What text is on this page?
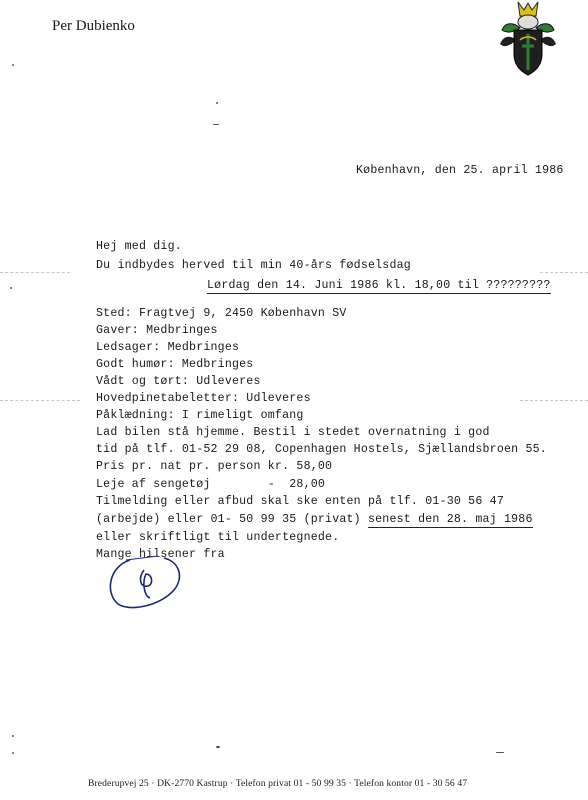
Per Dubienko
København, den 25. april 1986
Hej med dig.
Du indbydes herved til min 40-års fødselsdag
Lørdag den 14. Juni 1986 kl. 18,00 til ?????????
Sted: Fragtvej 9, 2450 København SV
Gaver: Medbringes
Ledsager: Medbringes
Godt humør: Medbringes
Vådt og tørt: Udleveres
Hovedpinetabeletter: Udleveres
Påklædning: I rimeligt omfang
Lad bilen stå hjemme. Bestil i stedet overnatning i god
tid på tlf. 01-52 29 08, Copenhagen Hostels, Sjællandsbroen 55.
Pris pr. nat pr. person kr. 58,00
Leje af sengetøj        -  28,00
Tilmelding eller afbud skal ske enten på tlf. 01-30 56 47
(arbejde) eller 01- 50 99 35 (privat) senest den 28. maj 1986
eller skriftligt til undertegnede.
Mange hilsener fra
Brederupvej 25 · DK-2770 Kastrup · Telefon privat 01 - 50 99 35 · Telefon kontor 01 - 30 56 47
